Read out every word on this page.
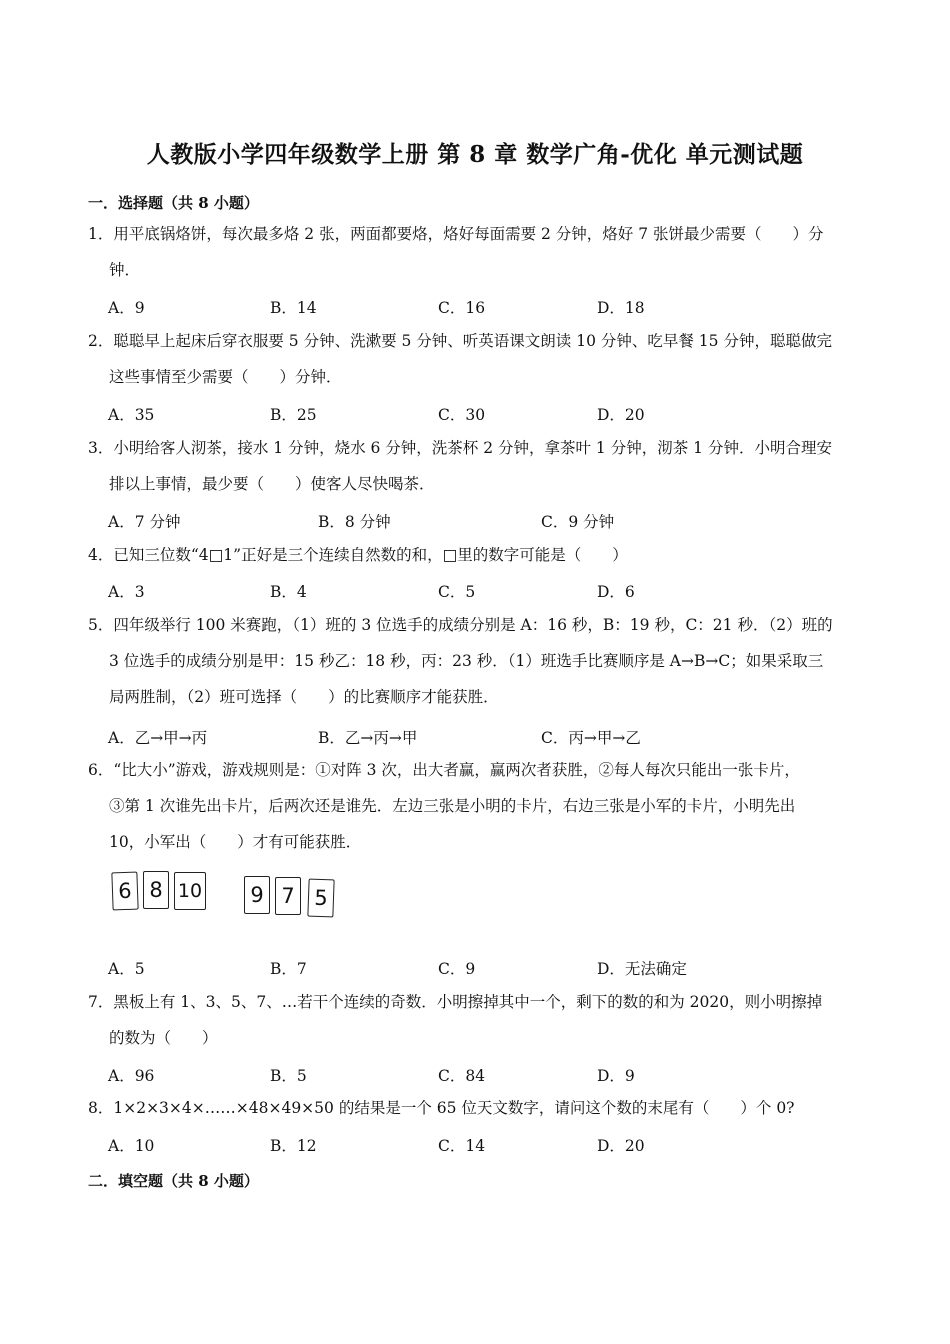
人教版小学四年级数学上册 第 8 章 数学广角-优化 单元测试题
一．选择题（共 8 小题）
1．用平底锅烙饼，每次最多烙 2 张，两面都要烙，烙好每面需要 2 分钟，烙好 7 张饼最少需要（　　）分
钟．
A．9	B．14	C．16	D．18
2．聪聪早上起床后穿衣服要 5 分钟、洗漱要 5 分钟、听英语课文朗读 10 分钟、吃早餐 15 分钟，聪聪做完
这些事情至少需要（　　）分钟．
A．35	B．25	C．30	D．20
3．小明给客人沏茶，接水 1 分钟，烧水 6 分钟，洗茶杯 2 分钟，拿茶叶 1 分钟，沏茶 1 分钟．小明合理安
排以上事情，最少要（　　）使客人尽快喝茶．
A．7 分钟	B．8 分钟	C．9 分钟
4．已知三位数“4□1”正好是三个连续自然数的和，□里的数字可能是（　　）
A．3	B．4	C．5	D．6
5．四年级举行 100 米赛跑，（1）班的 3 位选手的成绩分别是 A：16 秒，B：19 秒，C：21 秒．（2）班的
3 位选手的成绩分别是甲：15 秒乙：18 秒，丙：23 秒．（1）班选手比赛顺序是 A→B→C；如果采取三
局两胜制，（2）班可选择（　　）的比赛顺序才能获胜．
A．乙→甲→丙	B．乙→丙→甲	C．丙→甲→乙
6．“比大小”游戏，游戏规则是：①对阵 3 次，出大者赢，赢两次者获胜，②每人每次只能出一张卡片，
③第 1 次谁先出卡片，后两次还是谁先．左边三张是小明的卡片，右边三张是小军的卡片，小明先出
10，小军出（　　）才有可能获胜．
6 8 10	9 7 5
A．5	B．7	C．9	D．无法确定
7．黑板上有 1、3、5、7、…若干个连续的奇数．小明擦掉其中一个，剩下的数的和为 2020，则小明擦掉
的数为（　　）
A．96	B．5	C．84	D．9
8．1×2×3×4×……×48×49×50 的结果是一个 65 位天文数字，请问这个数的末尾有（　　）个 0?
A．10	B．12	C．14	D．20
二．填空题（共 8 小题）
